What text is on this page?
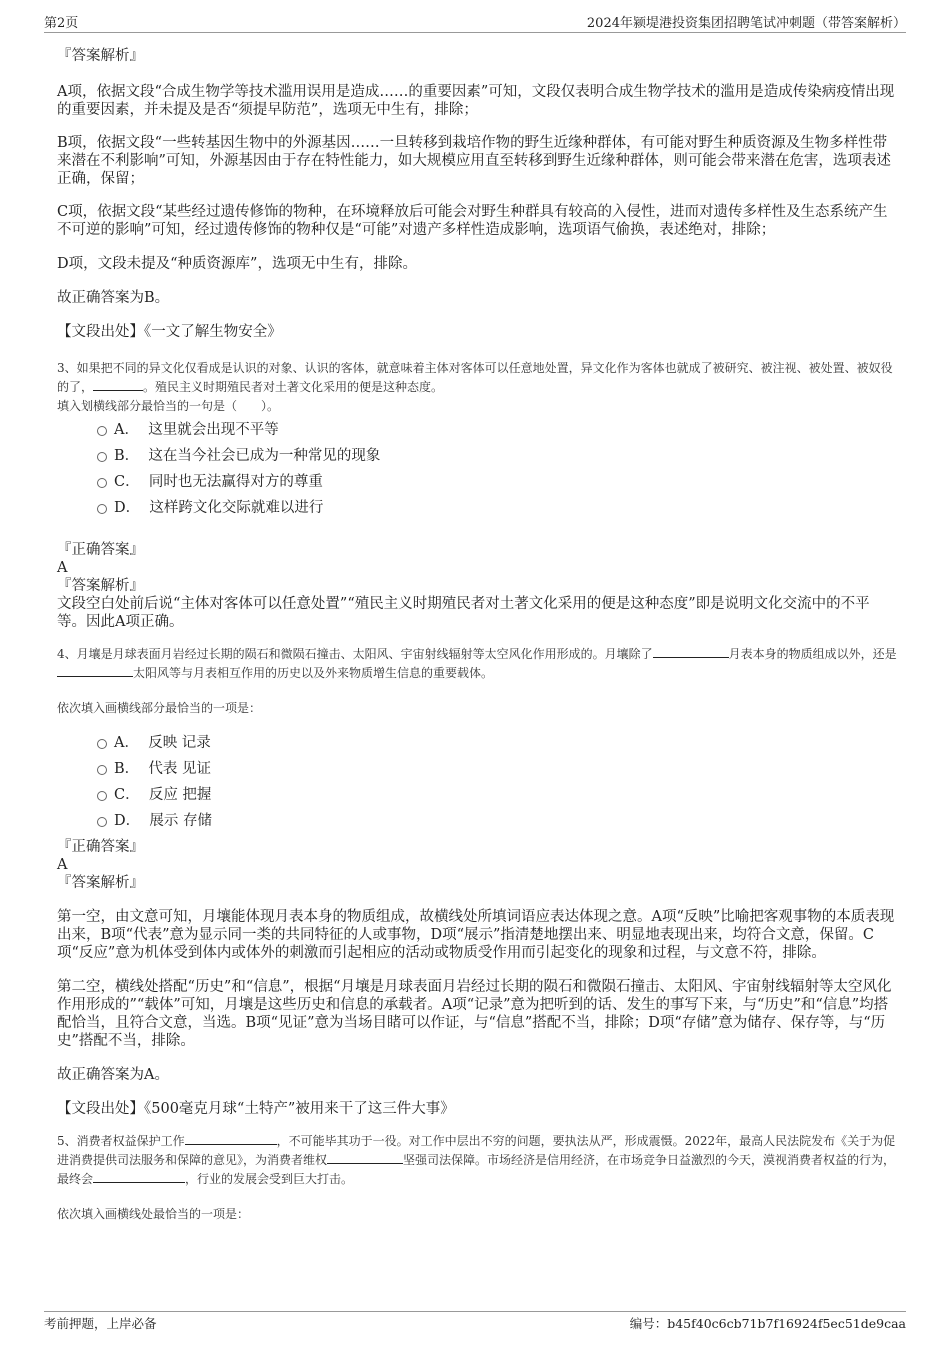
第2页	2024年颍堤港投资集团招聘笔试冲刺题（带答案解析）

『答案解析』

A项，依据文段“合成生物学等技术滥用误用是造成……的重要因素”可知，文段仅表明合成生物学技术的滥用是造成传染病疫情出现的重要因素，并未提及是否“须提早防范”，选项无中生有，排除；

B项，依据文段“一些转基因生物中的外源基因……一旦转移到栽培作物的野生近缘种群体，有可能对野生种质资源及生物多样性带来潜在不利影响”可知，外源基因由于存在特性能力，如大规模应用直至转移到野生近缘种群体，则可能会带来潜在危害，选项表述正确，保留；

C项，依据文段“某些经过遗传修饰的物种，在环境释放后可能会对野生种群具有较高的入侵性，进而对遗传多样性及生态系统产生不可逆的影响”可知，经过遗传修饰的物种仅是“可能”对遗产多样性造成影响，选项语气偷换，表述绝对，排除；

D项，文段未提及“种质资源库”，选项无中生有，排除。

故正确答案为B。

【文段出处】《一文了解生物安全》

3、如果把不同的异文化仅看成是认识的对象、认识的客体，就意味着主体对客体可以任意地处置，异文化作为客体也就成了被研究、被注视、被处置、被奴役的了，	。殖民主义时期殖民者对土著文化采用的便是这种态度。

填入划横线部分最恰当的一句是（　　）。

A． 这里就会出现不平等
B． 这在当今社会已成为一种常见的现象
C． 同时也无法赢得对方的尊重
D． 这样跨文化交际就难以进行

『正确答案』

A

『答案解析』

文段空白处前后说“主体对客体可以任意处置”“殖民主义时期殖民者对土著文化采用的便是这种态度”即是说明文化交流中的不平等。因此A项正确。

4、月壤是月球表面月岩经过长期的陨石和微陨石撞击、太阳风、宇宙射线辐射等太空风化作用形成的。月壤除了	月表本身的物质组成以外，还是太阳风等与月表相互作用的历史以及外来物质增生信息的重要载体。

依次填入画横线部分最恰当的一项是：

A． 反映 记录
B． 代表 见证
C． 反应 把握
D． 展示 存储

『正确答案』

A

『答案解析』

第一空，由文意可知，月壤能体现月表本身的物质组成，故横线处所填词语应表达体现之意。A项“反映”比喻把客观事物的本质表现出来，B项“代表”意为显示同一类的共同特征的人或事物，D项“展示”指清楚地摆出来、明显地表现出来，均符合文意，保留。C项“反应”意为机体受到体内或体外的刺激而引起相应的活动或物质受作用而引起变化的现象和过程，与文意不符，排除。

第二空，横线处搭配“历史”和“信息”，根据“月壤是月球表面月岩经过长期的陨石和微陨石撞击、太阳风、宇宙射线辐射等太空风化作用形成的”“载体”可知，月壤是这些历史和信息的承载者。A项“记录”意为把听到的话、发生的事写下来，与“历史”和“信息”均搭配恰当，且符合文意，当选。B项“见证”意为当场目睹可以作证，与“信息”搭配不当，排除；D项“存储”意为储存、保存等，与“历史”搭配不当，排除。

故正确答案为A。

【文段出处】《500毫克月球“土特产”被用来干了这三件大事》

5、消费者权益保护工作	，不可能毕其功于一役。对工作中层出不穷的问题，要执法从严，形成震慑。2022年，最高人民法院发布《关于为促进消费提供司法服务和保障的意见》，为消费者维权	坚强司法保障。市场经济是信用经济，在市场竞争日益激烈的今天，漠视消费者权益的行为，最终会	，行业的发展会受到巨大打击。

依次填入画横线处最恰当的一项是：

考前押题，上岸必备	编号：b45f40c6cb71b7f16924f5ec51de9caa
